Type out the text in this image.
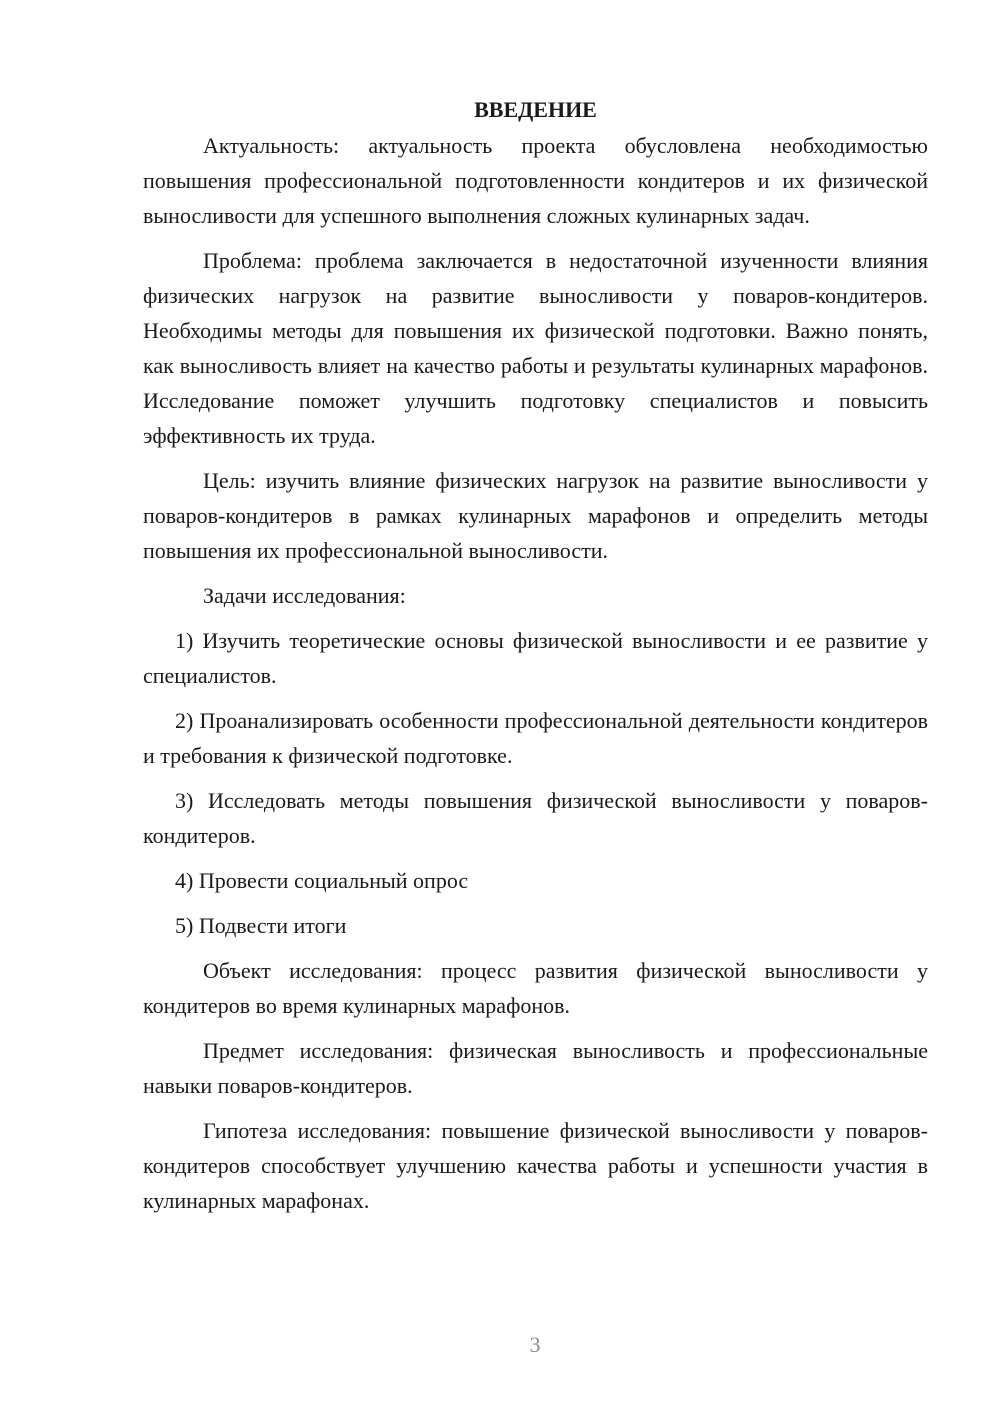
ВВЕДЕНИЕ

Актуальность: актуальность проекта обусловлена необходимостью повышения профессиональной подготовленности кондитеров и их физической выносливости для успешного выполнения сложных кулинарных задач.

Проблема: проблема заключается в недостаточной изученности влияния физических нагрузок на развитие выносливости у поваров-кондитеров. Необходимы методы для повышения их физической подготовки. Важно понять, как выносливость влияет на качество работы и результаты кулинарных марафонов. Исследование поможет улучшить подготовку специалистов и повысить эффективность их труда.

Цель: изучить влияние физических нагрузок на развитие выносливости у поваров-кондитеров в рамках кулинарных марафонов и определить методы повышения их профессиональной выносливости.

Задачи исследования:

1) Изучить теоретические основы физической выносливости и ее развитие у специалистов.

2) Проанализировать особенности профессиональной деятельности кондитеров и требования к физической подготовке.

3) Исследовать методы повышения физической выносливости у поваров-кондитеров.

4) Провести социальный опрос

5) Подвести итоги

Объект исследования: процесс развития физической выносливости у кондитеров во время кулинарных марафонов.

Предмет исследования: физическая выносливость и профессиональные навыки поваров-кондитеров.

Гипотеза исследования: повышение физической выносливости у поваров-кондитеров способствует улучшению качества работы и успешности участия в кулинарных марафонах.

3
